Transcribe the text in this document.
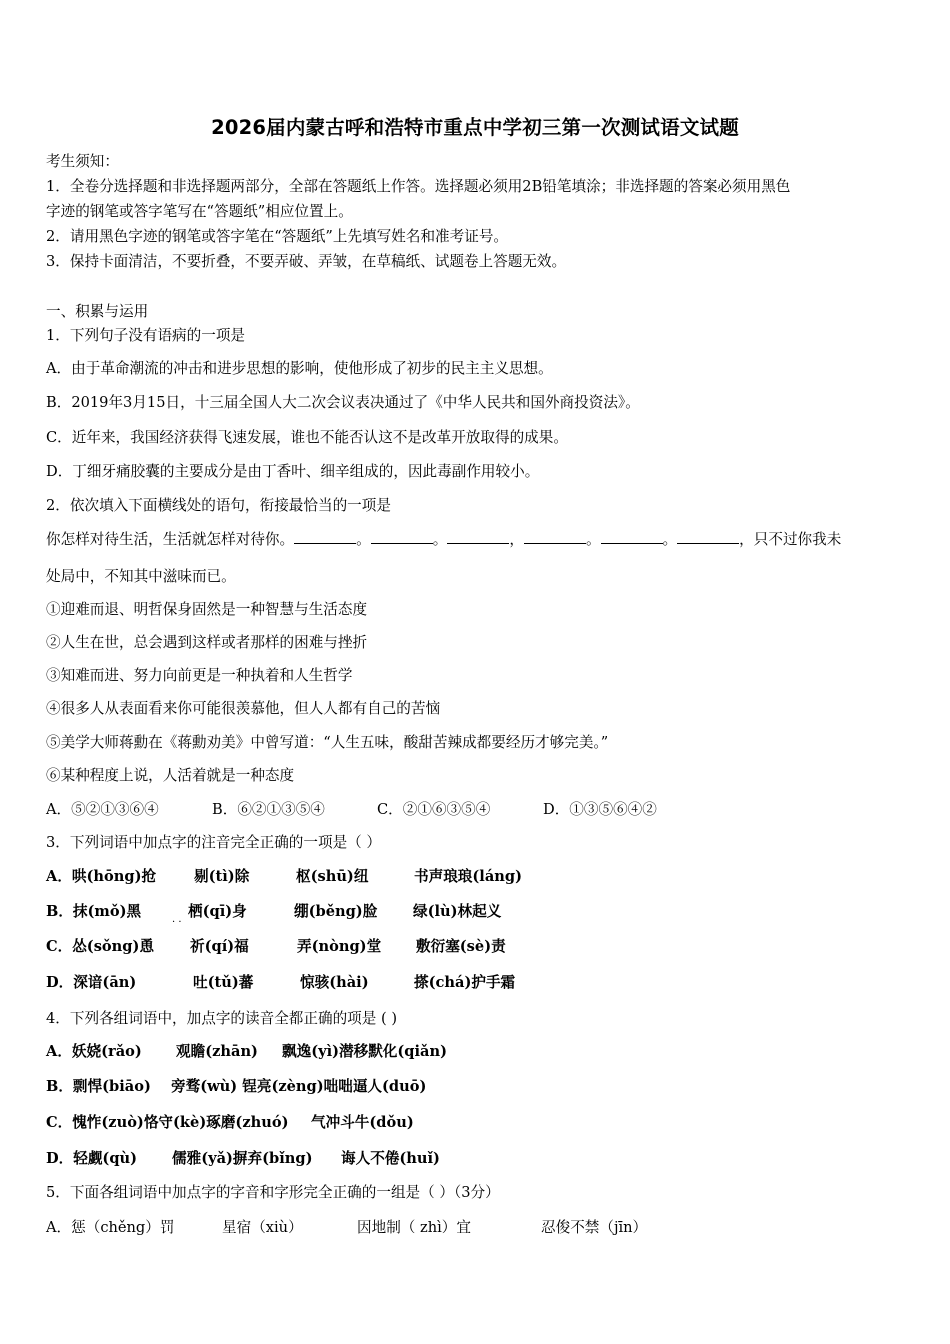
2026届内蒙古呼和浩特市重点中学初三第一次测试语文试题
考生须知：
1．全卷分选择题和非选择题两部分，全部在答题纸上作答。选择题必须用2B铅笔填涂；非选择题的答案必须用黑色
字迹的钢笔或答字笔写在“答题纸”相应位置上。
2．请用黑色字迹的钢笔或答字笔在“答题纸”上先填写姓名和准考证号。
3．保持卡面清洁，不要折叠，不要弄破、弄皱，在草稿纸、试题卷上答题无效。
一、积累与运用
1．下列句子没有语病的一项是
A．由于革命潮流的冲击和进步思想的影响，使他形成了初步的民主主义思想。
B．2019年3月15日，十三届全国人大二次会议表决通过了《中华人民共和国外商投资法》。
C．近年来，我国经济获得飞速发展，谁也不能否认这不是改革开放取得的成果。
D．丁细牙痛胶囊的主要成分是由丁香叶、细辛组成的，因此毒副作用较小。
2．依次填入下面横线处的语句，衔接最恰当的一项是
你怎样对待生活，生活就怎样对待你。	。	。	，	。	。	，只不过你我未
处局中，不知其中滋味而已。
①迎难而退、明哲保身固然是一种智慧与生活态度
②人生在世，总会遇到这样或者那样的困难与挫折
③知难而进、努力向前更是一种执着和人生哲学
④很多人从表面看来你可能很羡慕他，但人人都有自己的苦恼
⑤美学大师蒋勳在《蒋勳劝美》中曾写道：“人生五味，酸甜苦辣成都要经历才够完美。”
⑥某种程度上说，人活着就是一种态度
A．⑤②①③⑥④	B．⑥②①③⑤④	C．②①⑥③⑤④	D．①③⑤⑥④②
3．下列词语中加点字的注音完全正确的一项是（ ）
A．哄(hōng)抢	剔(tì)除	枢(shū)纽	书声琅琅(láng)
B．抹(mǒ)黑	栖(qī)身	绷(běng)脸 绿(lù)林起义
· ·
C．怂(sǒng)恿 祈(qí)福	弄(nòng)堂 敷衍塞(sè)责
D．深谙(ān)	吐(tǔ)蕃	惊骇(hài)	搽(chá)护手霜
4．下列各组词语中，加点字的读音全都正确的项是 ( )
A．妖娆(rǎo) 观瞻(zhān) 飘逸(yì)潜移默化(qiǎn)
B．剽悍(biāo) 旁骛(wù) 锃亮(zèng)咄咄逼人(duō)
C．愧怍(zuò)恪守(kè)琢磨(zhuó) 气冲斗牛(dǒu)
D．轻觑(qù) 儒雅(yǎ)摒弃(bǐng) 诲人不倦(huǐ)
5．下面各组词语中加点字的字音和字形完全正确的一组是（ ）（3分）
A．惩（chěng）罚	星宿（xiù）	因地制（ zhì）宜	忍俊不禁（jīn）
